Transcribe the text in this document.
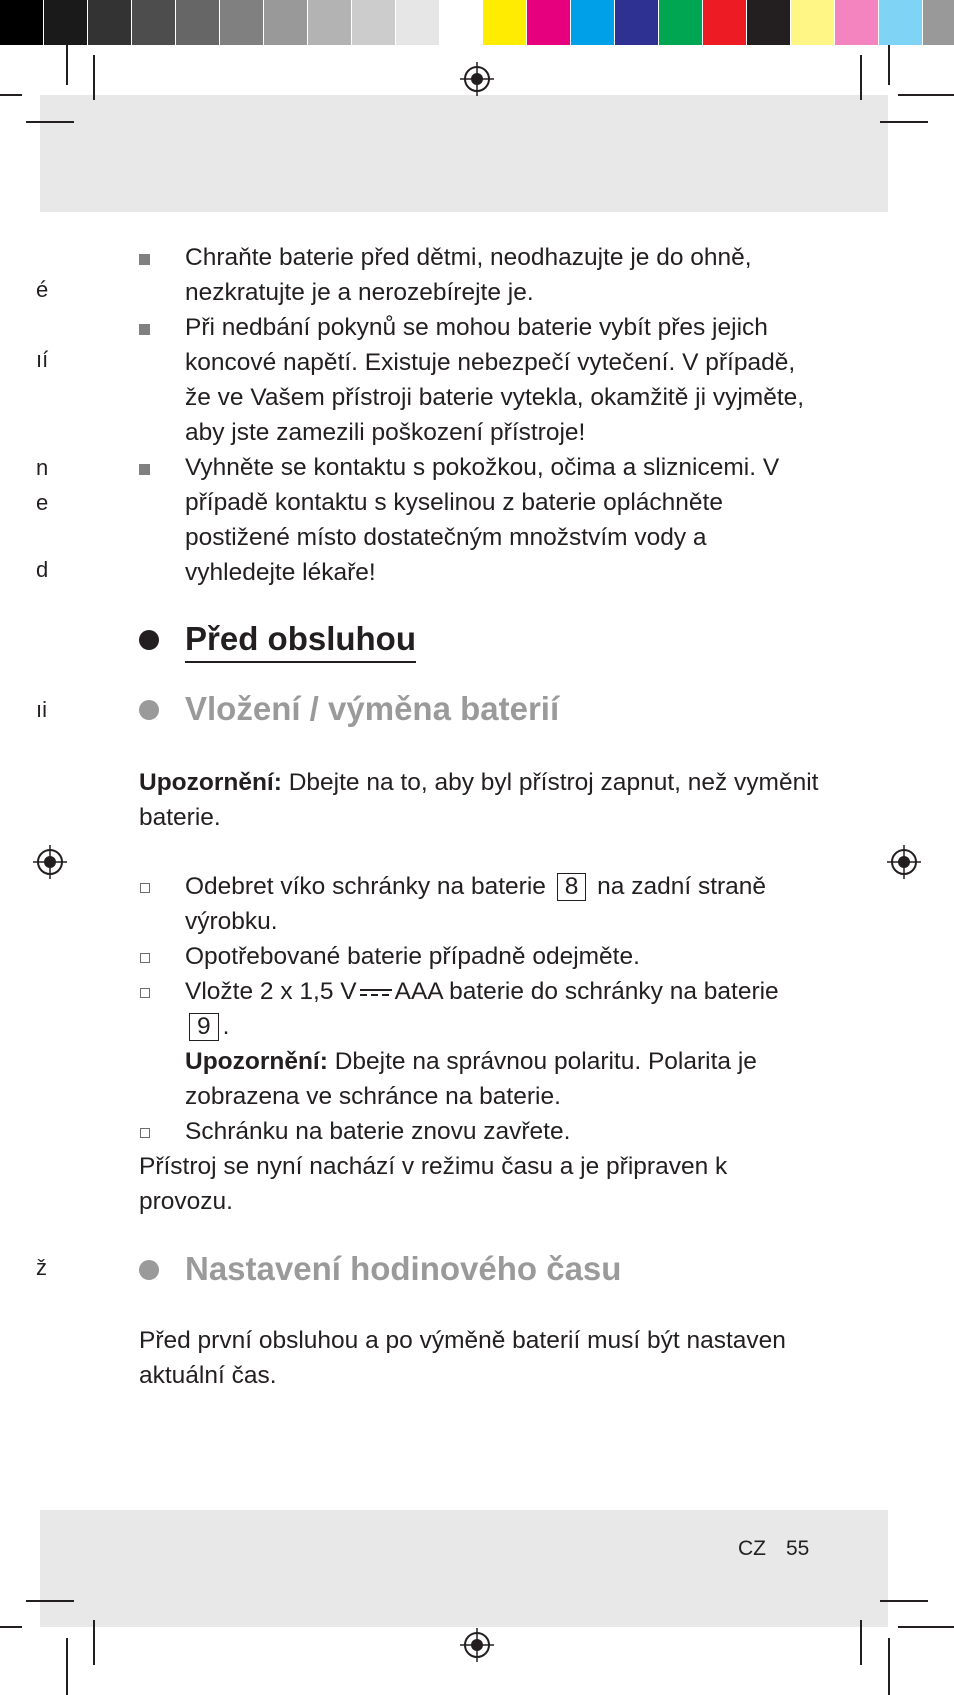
é
ıí
n
e
d
ıi
ž
Chraňte baterie před dětmi, neodhazujte je do ohně, nezkratujte je a nerozebírejte je.
Při nedbání pokynů se mohou baterie vybít přes jejich koncové napětí. Existuje nebezpečí vytečení. V případě, že ve Vašem přístroji baterie vytekla, okamžitě ji vyjměte, aby jste zamezili poškození přístroje!
Vyhněte se kontaktu s pokožkou, očima a sliznicemi. V případě kontaktu s kyselinou z baterie opláchněte postižené místo dostatečným množstvím vody a vyhledejte lékaře!
Před obsluhou
Vložení / výměna baterií
Upozornění: Dbejte na to, aby byl přístroj zapnut, než vyměnit baterie.
Odebret víko schránky na baterie 8 na zadní straně výrobku.
Opotřebované baterie případně odejměte.
Vložte 2 x 1,5 V AAA baterie do schránky na baterie 9 .
Upozornění: Dbejte na správnou polaritu. Polarita je zobrazena ve schránce na baterie.
Schránku na baterie znovu zavřete.
Přístroj se nyní nachází v režimu času a je připraven k provozu.
Nastavení hodinového času
Před první obsluhou a po výměně baterií musí být nastaven aktuální čas.
CZ 55
